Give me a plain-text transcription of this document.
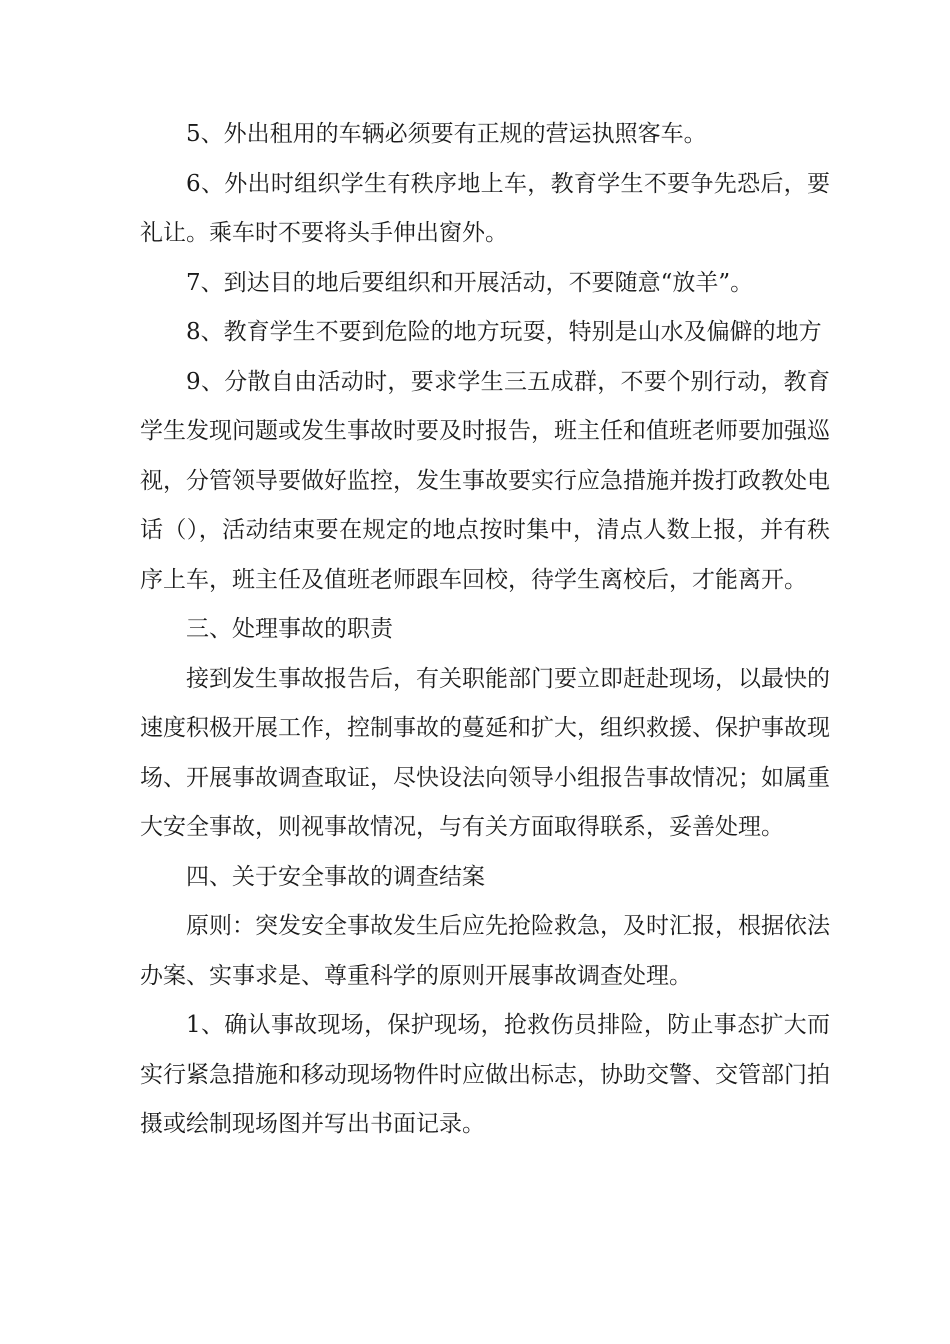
5、外出租用的车辆必须要有正规的营运执照客车。

6、外出时组织学生有秩序地上车，教育学生不要争先恐后，要礼让。乘车时不要将头手伸出窗外。

7、到达目的地后要组织和开展活动，不要随意“放羊”。

8、教育学生不要到危险的地方玩耍，特别是山水及偏僻的地方

9、分散自由活动时，要求学生三五成群，不要个别行动，教育学生发现问题或发生事故时要及时报告，班主任和值班老师要加强巡视，分管领导要做好监控，发生事故要实行应急措施并拨打政教处电话（），活动结束要在规定的地点按时集中，清点人数上报，并有秩序上车，班主任及值班老师跟车回校，待学生离校后，才能离开。

三、处理事故的职责

接到发生事故报告后，有关职能部门要立即赶赴现场，以最快的速度积极开展工作，控制事故的蔓延和扩大，组织救援、保护事故现场、开展事故调查取证，尽快设法向领导小组报告事故情况；如属重大安全事故，则视事故情况，与有关方面取得联系，妥善处理。

四、关于安全事故的调查结案

原则：突发安全事故发生后应先抢险救急，及时汇报，根据依法办案、实事求是、尊重科学的原则开展事故调查处理。

1、确认事故现场，保护现场，抢救伤员排险，防止事态扩大而实行紧急措施和移动现场物件时应做出标志，协助交警、交管部门拍摄或绘制现场图并写出书面记录。
